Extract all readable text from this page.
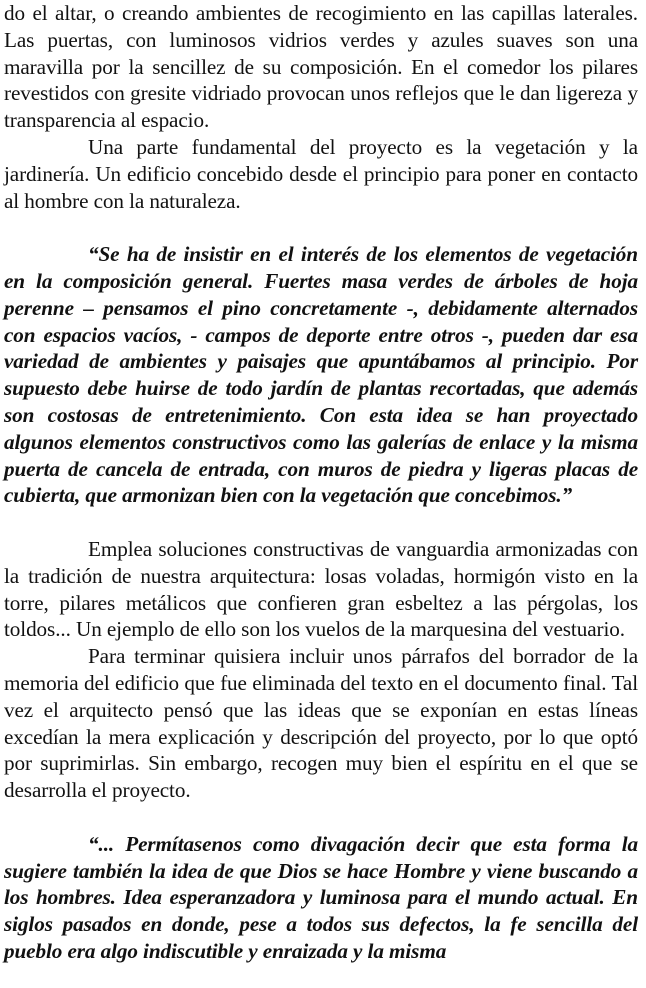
do el altar, o creando ambientes de recogimiento en las capillas laterales. Las puertas, con luminosos vidrios verdes y azules suaves son una maravilla por la sencillez de su composición. En el comedor los pilares revestidos con gresite vidriado provocan unos reflejos que le dan ligereza y transparencia al espacio.

Una parte fundamental del proyecto es la vegetación y la jardinería. Un edificio concebido desde el principio para poner en contacto al hombre con la naturaleza.

“Se ha de insistir en el interés de los elementos de vegetación en la composición general. Fuertes masa verdes de árboles de hoja perenne – pensamos el pino concretamente -, debidamente alternados con espacios vacíos, - campos de deporte entre otros -, pueden dar esa variedad de ambientes y paisajes que apuntábamos al principio. Por supuesto debe huirse de todo jardín de plantas recortadas, que además son costosas de entretenimiento. Con esta idea se han proyectado algunos elementos constructivos como las galerías de enlace y la misma puerta de cancela de entrada, con muros de piedra y ligeras placas de cubierta, que armonizan bien con la vegetación que concebimos.”

Emplea soluciones constructivas de vanguardia armonizadas con la tradición de nuestra arquitectura: losas voladas, hormigón visto en la torre, pilares metálicos que confieren gran esbeltez a las pérgolas, los toldos... Un ejemplo de ello son los vuelos de la marquesina del vestuario.

Para terminar quisiera incluir unos párrafos del borrador de la memoria del edificio que fue eliminada del texto en el documento final. Tal vez el arquitecto pensó que las ideas que se exponían en estas líneas excedían la mera explicación y descripción del proyecto, por lo que optó por suprimirlas. Sin embargo, recogen muy bien el espíritu en el que se desarrolla el proyecto.

“... Permítasenos como divagación decir que esta forma la sugiere también la idea de que Dios se hace Hombre y viene buscando a los hombres. Idea esperanzadora y luminosa para el mundo actual. En siglos pasados en donde, pese a todos sus defectos, la fe sencilla del pueblo era algo indiscutible y enraizada y la misma
